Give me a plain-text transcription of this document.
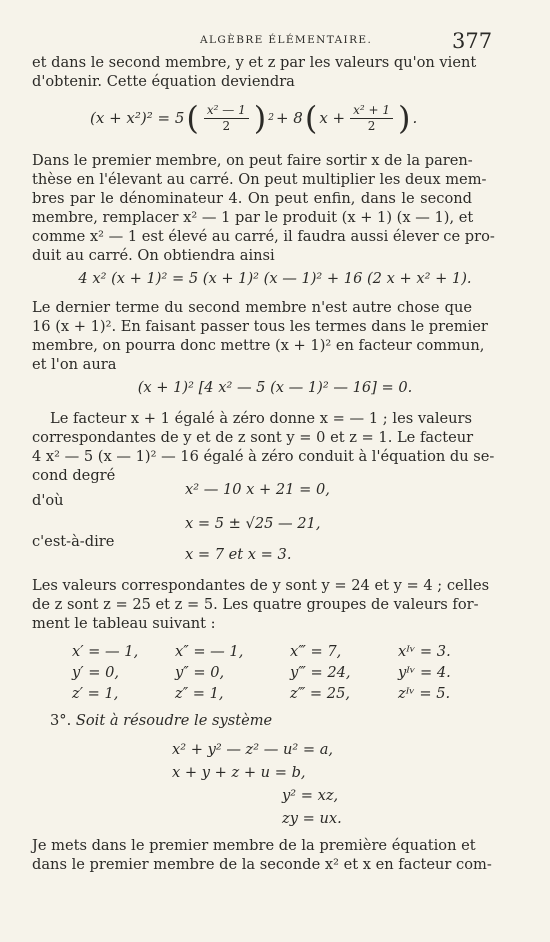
ALGÈBRE ÉLÉMENTAIRE.	377
et dans le second membre, y et z par les valeurs qu'on vient
d'obtenir. Cette équation deviendra
(x + x²)² = 5 ( $\frac{\text{x² — 1}}{2}$ ) 2 + 8 ( $x + \frac{\text{x² + 1}}{2}$ ) .
Dans le premier membre, on peut faire sortir x de la paren-
thèse en l'élevant au carré. On peut multiplier les deux mem-
bres par le dénominateur 4. On peut enfin, dans le second
membre, remplacer x² — 1 par le produit (x + 1) (x — 1), et
comme x² — 1 est élevé au carré, il faudra aussi élever ce pro-
duit au carré. On obtiendra ainsi
4 x² (x + 1)² = 5 (x + 1)² (x — 1)² + 16 (2 x + x² + 1).
Le dernier terme du second membre n'est autre chose que
16 (x + 1)². En faisant passer tous les termes dans le premier
membre, on pourra donc mettre (x + 1)² en facteur commun,
et l'on aura
(x + 1)² [4 x² — 5 (x — 1)² — 16] = 0.
Le facteur x + 1 égalé à zéro donne x = — 1 ; les valeurs
correspondantes de y et de z sont y = 0 et z = 1. Le facteur
4 x² — 5 (x — 1)² — 16 égalé à zéro conduit à l'équation du se-
cond degré
x² — 10 x + 21 = 0,
d'où
x = 5 ± √25 — 21,
c'est-à-dire
x = 7 et x = 3.
Les valeurs correspondantes de y sont y = 24 et y = 4 ; celles
de z sont z = 25 et z = 5. Les quatre groupes de valeurs for-
ment le tableau suivant :
x′ = — 1,	x″ = — 1,	x‴ = 7,	xᴵᵛ = 3.
y′ = 0,	y″ = 0,	y‴ = 24,	yᴵᵛ = 4.
z′ = 1,	z″ = 1,	z‴ = 25,	zᴵᵛ = 5.
3°. Soit à résoudre le système
x² + y² — z² — u² = a,
x + y + z + u = b,
y² = xz,
zy = ux.
Je mets dans le premier membre de la première équation et
dans le premier membre de la seconde x² et x en facteur com-
